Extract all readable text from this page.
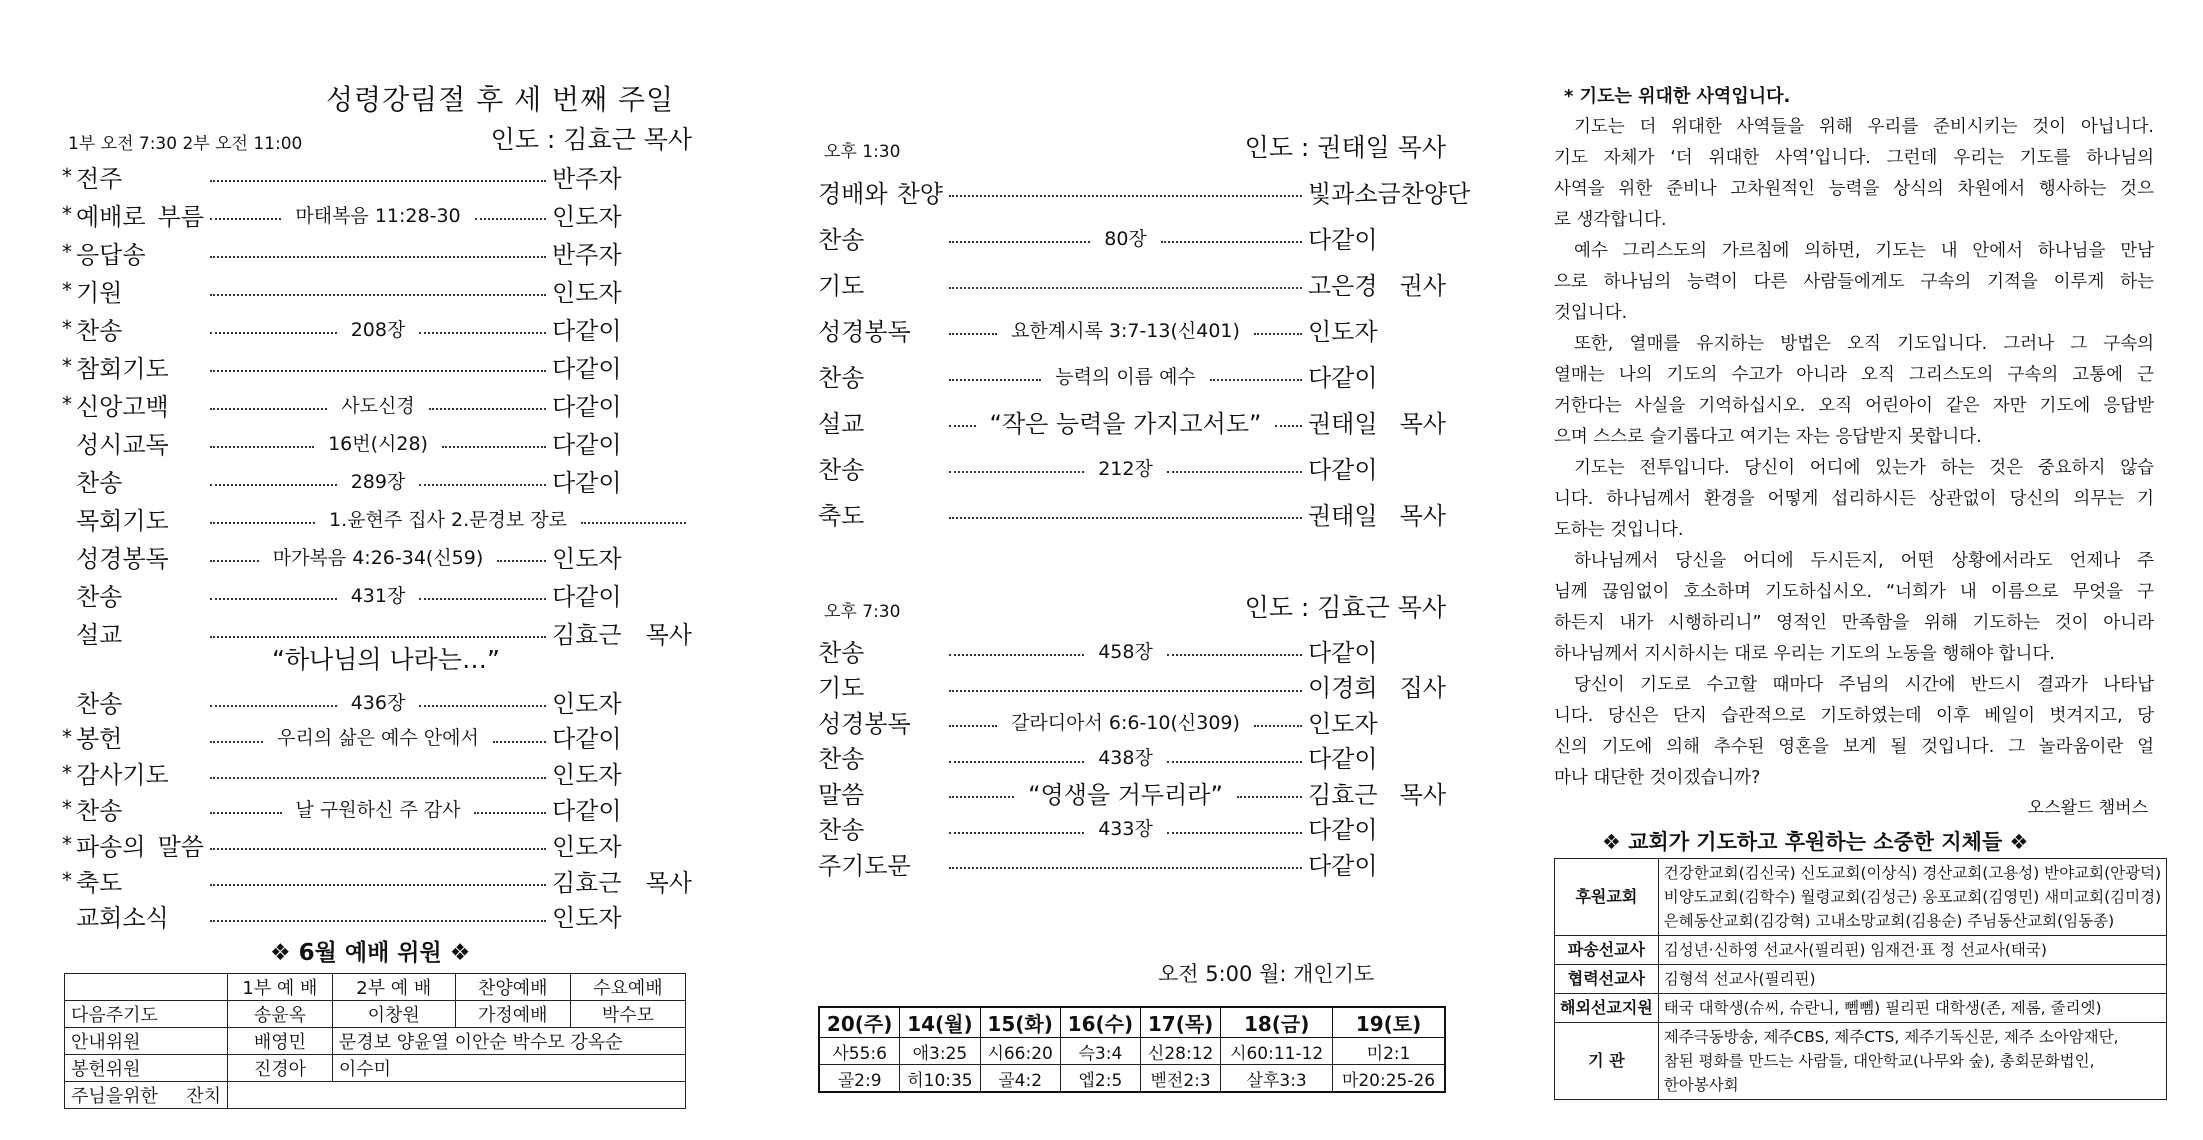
성령강림절 후 세 번째 주일
1부 오전 7:30 2부 오전 11:00	인도 : 김효근 목사
* 전주	반주자
* 예배로 부름	마태복음 11:28-30	인도자
* 응답송	반주자
* 기원	인도자
* 찬송	208장	다같이
* 참회기도	다같이
* 신앙고백	사도신경	다같이
성시교독	16번(시28)	다같이
찬송	289장	다같이
목회기도	1.윤현주 집사 2.문경보 장로
성경봉독	마가복음 4:26-34(신59)	인도자
찬송	431장	다같이
설교	김효근 목사
“하나님의 나라는…”
찬송	436장	인도자
* 봉헌	우리의 삶은 예수 안에서	다같이
* 감사기도	인도자
* 찬송	날 구원하신 주 감사	다같이
* 파송의 말씀	인도자
* 축도	김효근 목사
교회소식	인도자
❖ 6월 예배 위원 ❖
	1부 예 배	2부 예 배	찬양예배	수요예배
다음주기도	송윤옥	이창원	가정예배	박수모
안내위원	배영민	문경보 양윤열 이안순 박수모 강옥순		
봉헌위원	진경아	이수미		
주님을위한 잔치				
오후 1:30	인도 : 권태일 목사
경배와 찬양	빛과소금찬양단
찬송	80장	다같이
기도	고은경 권사
성경봉독	요한계시록 3:7-13(신401)	인도자
찬송	능력의 이름 예수	다같이
설교	“작은 능력을 가지고서도”	권태일 목사
찬송	212장	다같이
축도	권태일 목사
오후 7:30	인도 : 김효근 목사
찬송	458장	다같이
기도	이경희 집사
성경봉독	갈라디아서 6:6-10(신309)	인도자
찬송	438장	다같이
말씀	“영생을 거두리라”	김효근 목사
찬송	433장	다같이
주기도문	다같이
오전 5:00 월: 개인기도
20(주)	14(월)	15(화)	16(수)	17(목)	18(금)	19(토)
사55:6	애3:25	시66:20	슥3:4	신28:12	시60:11-12	미2:1
골2:9	히10:35	골4:2	엡2:5	벧전2:3	살후3:3	마20:25-26
* 기도는 위대한 사역입니다.
기도는 더 위대한 사역들을 위해 우리를 준비시키는 것이 아닙니다.
기도 자체가 ‘더 위대한 사역’입니다. 그런데 우리는 기도를 하나님의
사역을 위한 준비나 고차원적인 능력을 상식의 차원에서 행사하는 것으
로 생각합니다.
예수 그리스도의 가르침에 의하면, 기도는 내 안에서 하나님을 만남
으로 하나님의 능력이 다른 사람들에게도 구속의 기적을 이루게 하는
것입니다.
또한, 열매를 유지하는 방법은 오직 기도입니다. 그러나 그 구속의
열매는 나의 기도의 수고가 아니라 오직 그리스도의 구속의 고통에 근
거한다는 사실을 기억하십시오. 오직 어린아이 같은 자만 기도에 응답받
으며 스스로 슬기롭다고 여기는 자는 응답받지 못합니다.
기도는 전투입니다. 당신이 어디에 있는가 하는 것은 중요하지 않습
니다. 하나님께서 환경을 어떻게 섭리하시든 상관없이 당신의 의무는 기
도하는 것입니다.
하나님께서 당신을 어디에 두시든지, 어떤 상황에서라도 언제나 주
님께 끊임없이 호소하며 기도하십시오. “너희가 내 이름으로 무엇을 구
하든지 내가 시행하리니” 영적인 만족함을 위해 기도하는 것이 아니라
하나님께서 지시하시는 대로 우리는 기도의 노동을 행해야 합니다.
당신이 기도로 수고할 때마다 주님의 시간에 반드시 결과가 나타납
니다. 당신은 단지 습관적으로 기도하였는데 이후 베일이 벗겨지고, 당
신의 기도에 의해 추수된 영혼을 보게 될 것입니다. 그 놀라움이란 얼
마나 대단한 것이겠습니까?
오스왈드 챔버스
❖ 교회가 기도하고 후원하는 소중한 지체들 ❖
후원교회	건강한교회(김신국) 신도교회(이상식) 경산교회(고용성) 반야교회(안광덕)
비양도교회(김학수) 월령교회(김성근) 옹포교회(김영민) 새미교회(김미경)
은혜동산교회(김강혁) 고내소망교회(김용순) 주님동산교회(임동종)

파송선교사	김성년·신하영 선교사(필리핀) 임재건·표 정 선교사(태국)

협력선교사	김형석 선교사(필리핀)

해외선교지원	태국 대학생(슈씨, 슈란니, 뻼뻼) 필리핀 대학생(존, 제롬, 줄리엣)

기 관	제주극동방송, 제주CBS, 제주CTS, 제주기독신문, 제주 소아암재단,
참된 평화를 만드는 사람들, 대안학교(나무와 숲), 총회문화법인,
한아봉사회
